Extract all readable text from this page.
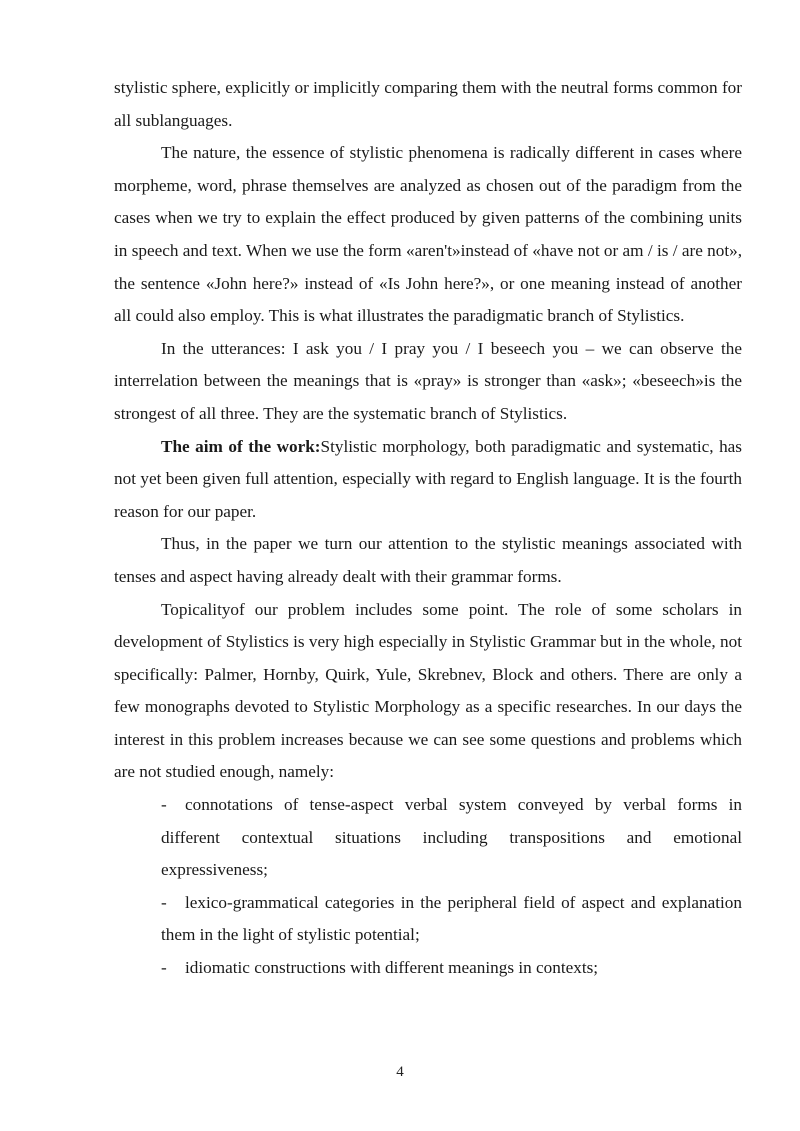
stylistic sphere, explicitly or implicitly comparing them with the neutral forms common for all sublanguages.

The nature, the essence of stylistic phenomena is radically different in cases where morpheme, word, phrase themselves are analyzed as chosen out of the paradigm from the cases when we try to explain the effect produced by given patterns of the combining units in speech and text. When we use the form «aren't»instead of «have not or am / is / are not», the sentence «John here?» instead of «Is John here?», or one meaning instead of another all could also employ. This is what illustrates the paradigmatic branch of Stylistics.

In the utterances: I ask you / I pray you / I beseech you – we can observe the interrelation between the meanings that is «pray» is stronger than «ask»; «beseech»is the strongest of all three. They are the systematic branch of Stylistics.

The aim of the work:Stylistic morphology, both paradigmatic and systematic, has not yet been given full attention, especially with regard to English language. It is the fourth reason for our paper.

Thus, in the paper we turn our attention to the stylistic meanings associated with tenses and aspect having already dealt with their grammar forms.

Topicalityof our problem includes some point. The role of some scholars in development of Stylistics is very high especially in Stylistic Grammar but in the whole, not specifically: Palmer, Hornby, Quirk, Yule, Skrebnev, Block and others. There are only a few monographs devoted to Stylistic Morphology as a specific researches. In our days the interest in this problem increases because we can see some questions and problems which are not studied enough, namely:

- connotations of tense-aspect verbal system conveyed by verbal forms in different contextual situations including transpositions and emotional expressiveness;

- lexico-grammatical categories in the peripheral field of aspect and explanation them in the light of stylistic potential;

- idiomatic constructions with different meanings in contexts;

4
